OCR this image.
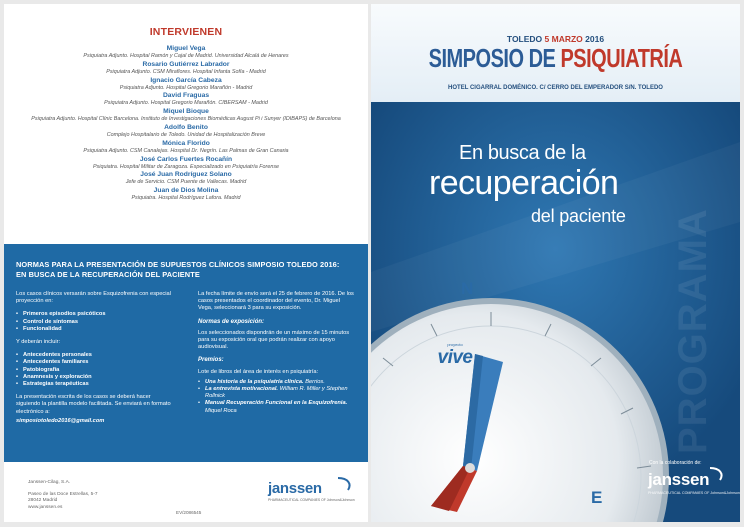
INTERVIENEN
Miguel Vega
Psiquiatra Adjunto. Hospital Ramón y Cajal de Madrid. Universidad Alcalá de Henares
Rosario Gutiérrez Labrador
Psiquiatra Adjunto. CSM Miraflores. Hospital Infanta Sofía - Madrid
Ignacio García Cabeza
Psiquiatra Adjunto. Hospital Gregorio Marañón - Madrid
David Fraguas
Psiquiatra Adjunto. Hospital Gregorio Marañón. CIBERSAM - Madrid
Miquel Bioque
Psiquiatra Adjunto. Hospital Clínic Barcelona. Instituto de Investigaciones Biomédicas August Pi i Sunyer (IDIBAPS) de Barcelona
Adolfo Benito
Complejo Hospitalario de Toledo. Unidad de Hospitalización Breve
Mónica Florido
Psiquiatra Adjunto. CSM Canalejas. Hospital Dr. Negrín. Las Palmas de Gran Canaria
José Carlos Fuertes Rocañín
Psiquiatra. Hospital Militar de Zaragoza. Especializado en Psiquiatría Forense
José Juan Rodríguez Solano
Jefe de Servicio. CSM Puente de Vallecas. Madrid
Juan de Dios Molina
Psiquiatra. Hospital Rodríguez Lafora. Madrid
NORMAS PARA LA PRESENTACIÓN DE SUPUESTOS CLÍNICOS SIMPOSIO TOLEDO 2016:
EN BUSCA DE LA RECUPERACIÓN DEL PACIENTE

Los casos clínicos versarán sobre Esquizofrenia con especial proyección en:

• Primeros episodios psicóticos
• Control de síntomas
• Funcionalidad

Y deberán incluir:

• Antecedentes personales
• Antecedentes familiares
• Patobiografía
• Anamnesis y exploración
• Estrategias terapéuticas

La presentación escrita de los casos se deberá hacer siguiendo la plantilla modelo facilitada. Se enviará en formato electrónico a:

simposiotoledo2016@gmail.com

La fecha límite de envío será el 25 de febrero de 2016. De los casos presentados el coordinador del evento, Dr. Miguel Vega, seleccionará 3 para su exposición.

Normas de exposición:

Los seleccionados dispondrán de un máximo de 15 minutos para su exposición oral que podrán realizar con apoyo audiovisual.

Premios:

Lote de libros del área de interés en psiquiatría:

• Una historia de la psiquiatría clínica. Berrios.
• La entrevista motivacional. William R. Miller y Stephen Rollnick
• Manual Recuperación Funcional en la Esquizofrenia. Miquel Roca
Janssen-Cilag, S.A.
Paseo de las Doce Estrellas, 5-7
28042 Madrid
www.janssen.es
janssen
PHARMACEUTICAL COMPANIES OF Johnson&Johnson
EV/2086545
TOLEDO 5 MARZO 2016
SIMPOSIO DE PSIQUIATRÍA
HOTEL CIGARRAL DOMÉNICO. C/ CERRO DEL EMPERADOR S/N. TOLEDO
En busca de la
recuperación
del paciente PROGRAMA
N
E
proyecto
vive
Con la colaboración de:
janssen
PHARMACEUTICAL COMPANIES OF Johnson&Johnson
